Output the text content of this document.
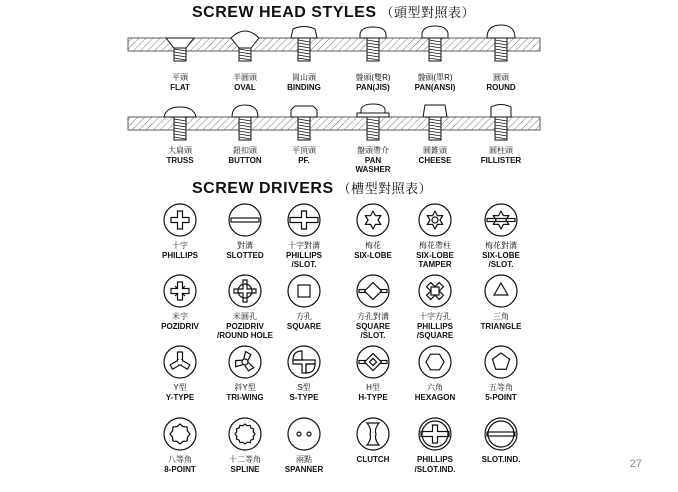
SCREW HEAD STYLES （頭型對照表）
SCREW DRIVERS （槽型對照表）
平頭
FLAT
半圓頭
OVAL
崗山頭
BINDING
盤頭(雙R)
PAN(JIS)
盤頭(單R)
PAN(ANSI)
圓頭
ROUND
大扁頭
TRUSS
鈕扣頭
BUTTON
平頂頭
PF.
盤頭帶介
PAN
WASHER
圓錐頭
CHEESE
圓柱頭
FILLISTER
十字
PHILLIPS
對溝
SLOTTED
十字對溝
PHILLIPS
/SLOT.
梅花
SIX-LOBE
梅花帶柱
SIX-LOBE
TAMPER
梅花對溝
SIX-LOBE
/SLOT.
米字
POZIDRIV
米圓孔
POZIDRIV
/ROUND HOLE
方孔
SQUARE
方孔對溝
SQUARE
/SLOT.
十字方孔
PHILLIPS
/SQUARE
三角
TRIANGLE
Y型
Y-TYPE
斜Y型
TRI-WING
S型
S-TYPE
H型
H-TYPE
六角
HEXAGON
五等角
5-POINT
八等角
8-POINT
十二等角
SPLINE
兩點
SPANNER
CLUTCH	PHILLIPS
/SLOT.IND.
SLOT.IND.	27
